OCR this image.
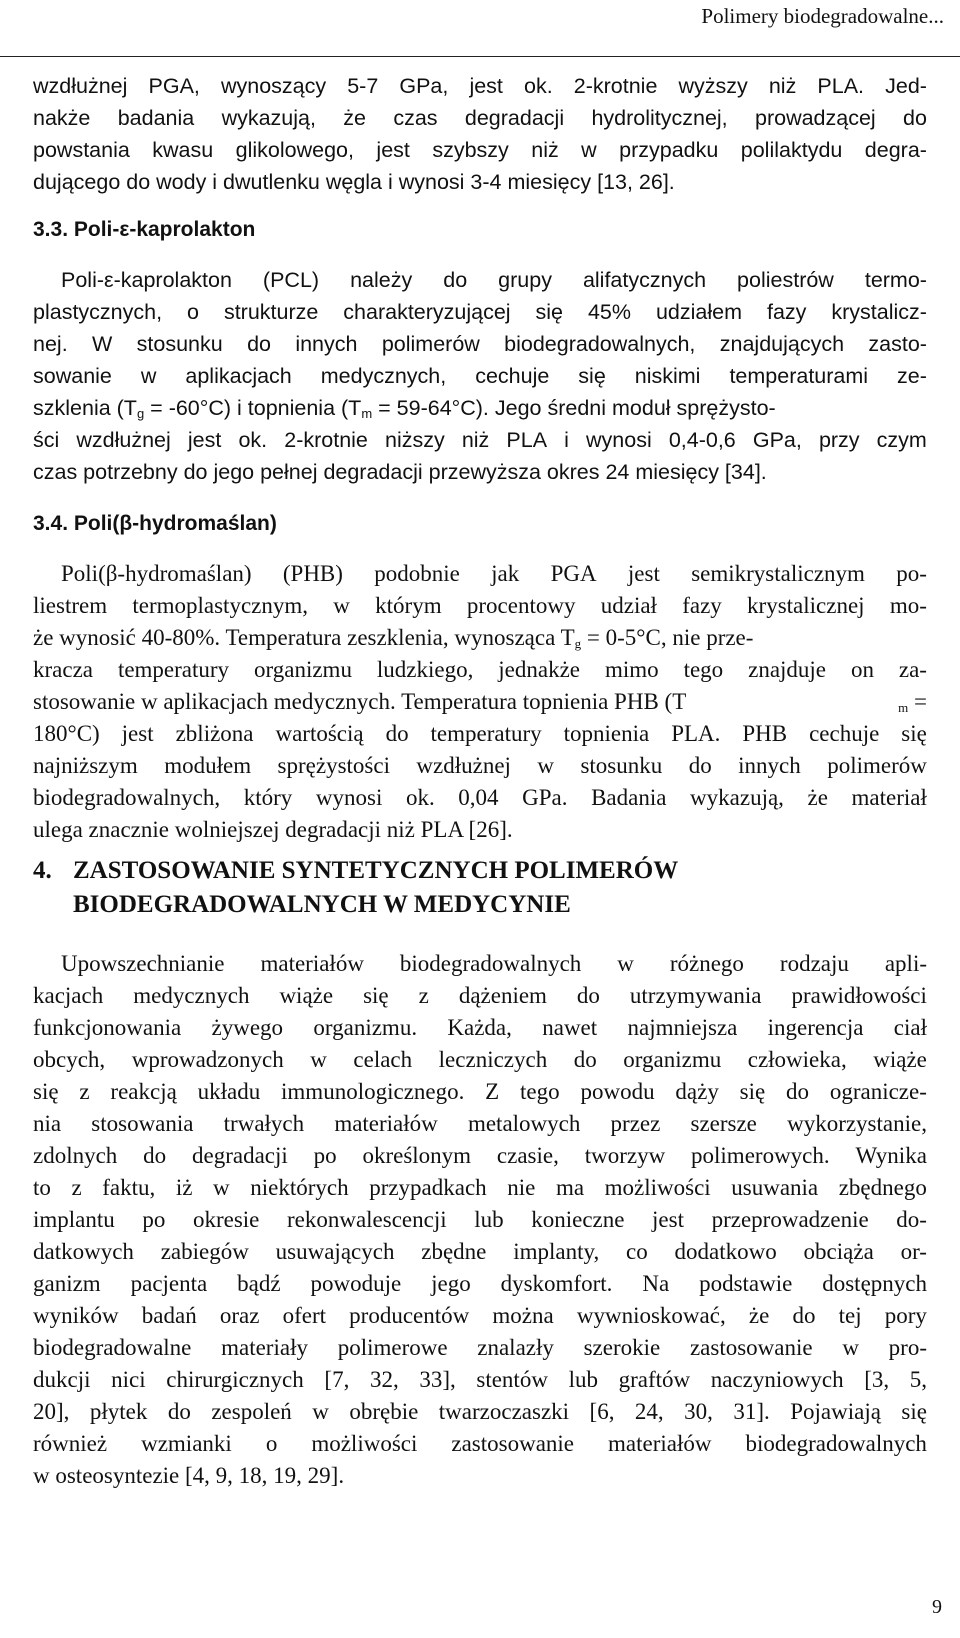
Polimery biodegradowalne...
wzdłużnej PGA, wynoszący 5-7 GPa, jest ok. 2-krotnie wyższy niż PLA. Jed-
nakże badania wykazują, że czas degradacji hydrolitycznej, prowadzącej do
powstania kwasu glikolowego, jest szybszy niż w przypadku polilaktydu degra-
dującego do wody i dwutlenku węgla i wynosi 3-4 miesięcy [13, 26].
3.3. Poli-ε-kaprolakton
Poli-ε-kaprolakton (PCL) należy do grupy alifatycznych poliestrów termo-
plastycznych, o strukturze charakteryzującej się 45% udziałem fazy krystalicz-
nej. W stosunku do innych polimerów biodegradowalnych, znajdujących zasto-
sowanie w aplikacjach medycznych, cechuje się niskimi temperaturami ze-
szklenia $(T_g = -60^\circ C)$ i topnienia $(T_m = 59-64^\circ C)$. Jego średni moduł sprężysto-
ści wzdłużnej jest ok. 2-krotnie niższy niż PLA i wynosi 0,4-0,6 GPa, przy czym
czas potrzebny do jego pełnej degradacji przewyższa okres 24 miesięcy [34].
3.4. Poli(β-hydromaślan)
Poli(β-hydromaślan) (PHB) podobnie jak PGA jest semikrystalicznym po-
liestrem termoplastycznym, w którym procentowy udział fazy krystalicznej mo-
że wynosić 40-80%. Temperatura zeszklenia, wynosząca $T_g = 0-5^\circ C$, nie prze-
kracza temperatury organizmu ludzkiego, jednakże mimo tego znajduje on za-
stosowanie w aplikacjach medycznych. Temperatura topnienia PHB (T	$_m$ =
180°C) jest zbliżona wartością do temperatury topnienia PLA. PHB cechuje się
najniższym modułem sprężystości wzdłużnej w stosunku do innych polimerów
biodegradowalnych, który wynosi ok. 0,04 GPa. Badania wykazują, że materiał
ulega znacznie wolniejszej degradacji niż PLA [26].
4. ZASTOSOWANIE SYNTETYCZNYCH POLIMERÓW
BIODEGRADOWALNYCH W MEDYCYNIE
Upowszechnianie materiałów biodegradowalnych w różnego rodzaju apli-
kacjach medycznych wiąże się z dążeniem do utrzymywania prawidłowości
funkcjonowania żywego organizmu. Każda, nawet najmniejsza ingerencja ciał
obcych, wprowadzonych w celach leczniczych do organizmu człowieka, wiąże
się z reakcją układu immunologicznego. Z tego powodu dąży się do ogranicze-
nia stosowania trwałych materiałów metalowych przez szersze wykorzystanie,
zdolnych do degradacji po określonym czasie, tworzyw polimerowych. Wynika
to z faktu, iż w niektórych przypadkach nie ma możliwości usuwania zbędnego
implantu po okresie rekonwalescencji lub konieczne jest przeprowadzenie do-
datkowych zabiegów usuwających zbędne implanty, co dodatkowo obciąża or-
ganizm pacjenta bądź powoduje jego dyskomfort. Na podstawie dostępnych
wyników badań oraz ofert producentów można wywnioskować, że do tej pory
biodegradowalne materiały polimerowe znalazły szerokie zastosowanie w pro-
dukcji nici chirurgicznych [7, 32, 33], stentów lub graftów naczyniowych [3, 5,
20], płytek do zespoleń w obrębie twarzoczaszki [6, 24, 30, 31]. Pojawiają się
również wzmianki o możliwości zastosowanie materiałów biodegradowalnych
w osteosyntezie [4, 9, 18, 19, 29].
9
